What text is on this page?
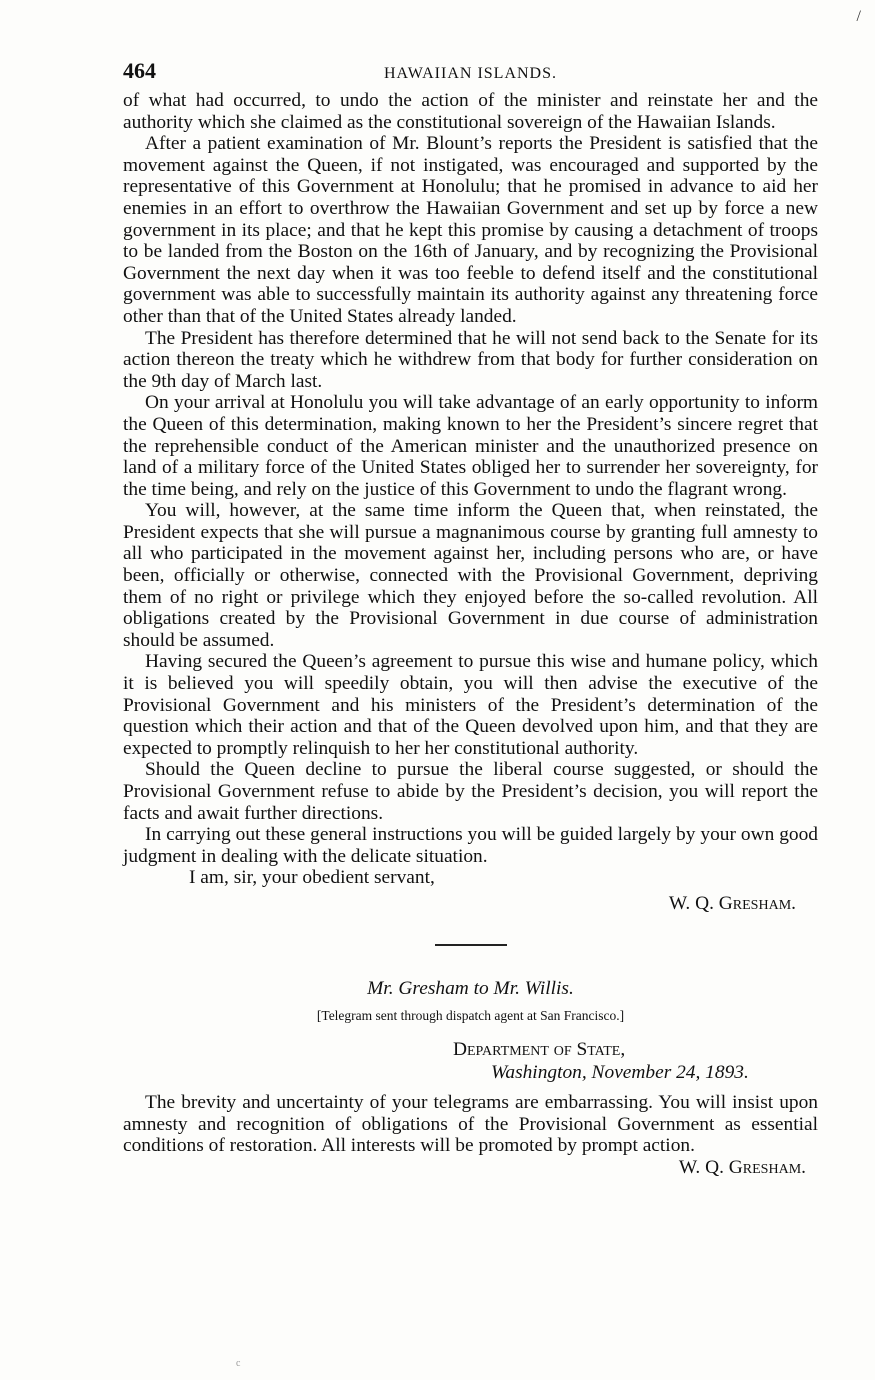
/
464	HAWAIIAN ISLANDS.

of what had occurred, to undo the action of the minister and reinstate her and the authority which she claimed as the constitutional sovereign of the Hawaiian Islands.

After a patient examination of Mr. Blount’s reports the President is satisfied that the movement against the Queen, if not instigated, was encouraged and supported by the representative of this Government at Honolulu; that he promised in advance to aid her enemies in an effort to overthrow the Hawaiian Government and set up by force a new government in its place; and that he kept this promise by causing a detachment of troops to be landed from the Boston on the 16th of January, and by recognizing the Provisional Government the next day when it was too feeble to defend itself and the constitutional government was able to successfully maintain its authority against any threatening force other than that of the United States already landed.

The President has therefore determined that he will not send back to the Senate for its action thereon the treaty which he withdrew from that body for further consideration on the 9th day of March last.

On your arrival at Honolulu you will take advantage of an early opportunity to inform the Queen of this determination, making known to her the President’s sincere regret that the reprehensible conduct of the American minister and the unauthorized presence on land of a military force of the United States obliged her to surrender her sovereignty, for the time being, and rely on the justice of this Government to undo the flagrant wrong.

You will, however, at the same time inform the Queen that, when reinstated, the President expects that she will pursue a magnanimous course by granting full amnesty to all who participated in the movement against her, including persons who are, or have been, officially or otherwise, connected with the Provisional Government, depriving them of no right or privilege which they enjoyed before the so-called revolution. All obligations created by the Provisional Government in due course of administration should be assumed.

Having secured the Queen’s agreement to pursue this wise and humane policy, which it is believed you will speedily obtain, you will then advise the executive of the Provisional Government and his ministers of the President’s determination of the question which their action and that of the Queen devolved upon him, and that they are expected to promptly relinquish to her her constitutional authority.

Should the Queen decline to pursue the liberal course suggested, or should the Provisional Government refuse to abide by the President’s decision, you will report the facts and await further directions.

In carrying out these general instructions you will be guided largely by your own good judgment in dealing with the delicate situation.

I am, sir, your obedient servant,

W. Q. Gresham.

Mr. Gresham to Mr. Willis.

[Telegram sent through dispatch agent at San Francisco.]

Department of State,
Washington, November 24, 1893.

The brevity and uncertainty of your telegrams are embarrassing. You will insist upon amnesty and recognition of obligations of the Provisional Government as essential conditions of restoration. All interests will be promoted by prompt action.

W. Q. Gresham.

c
